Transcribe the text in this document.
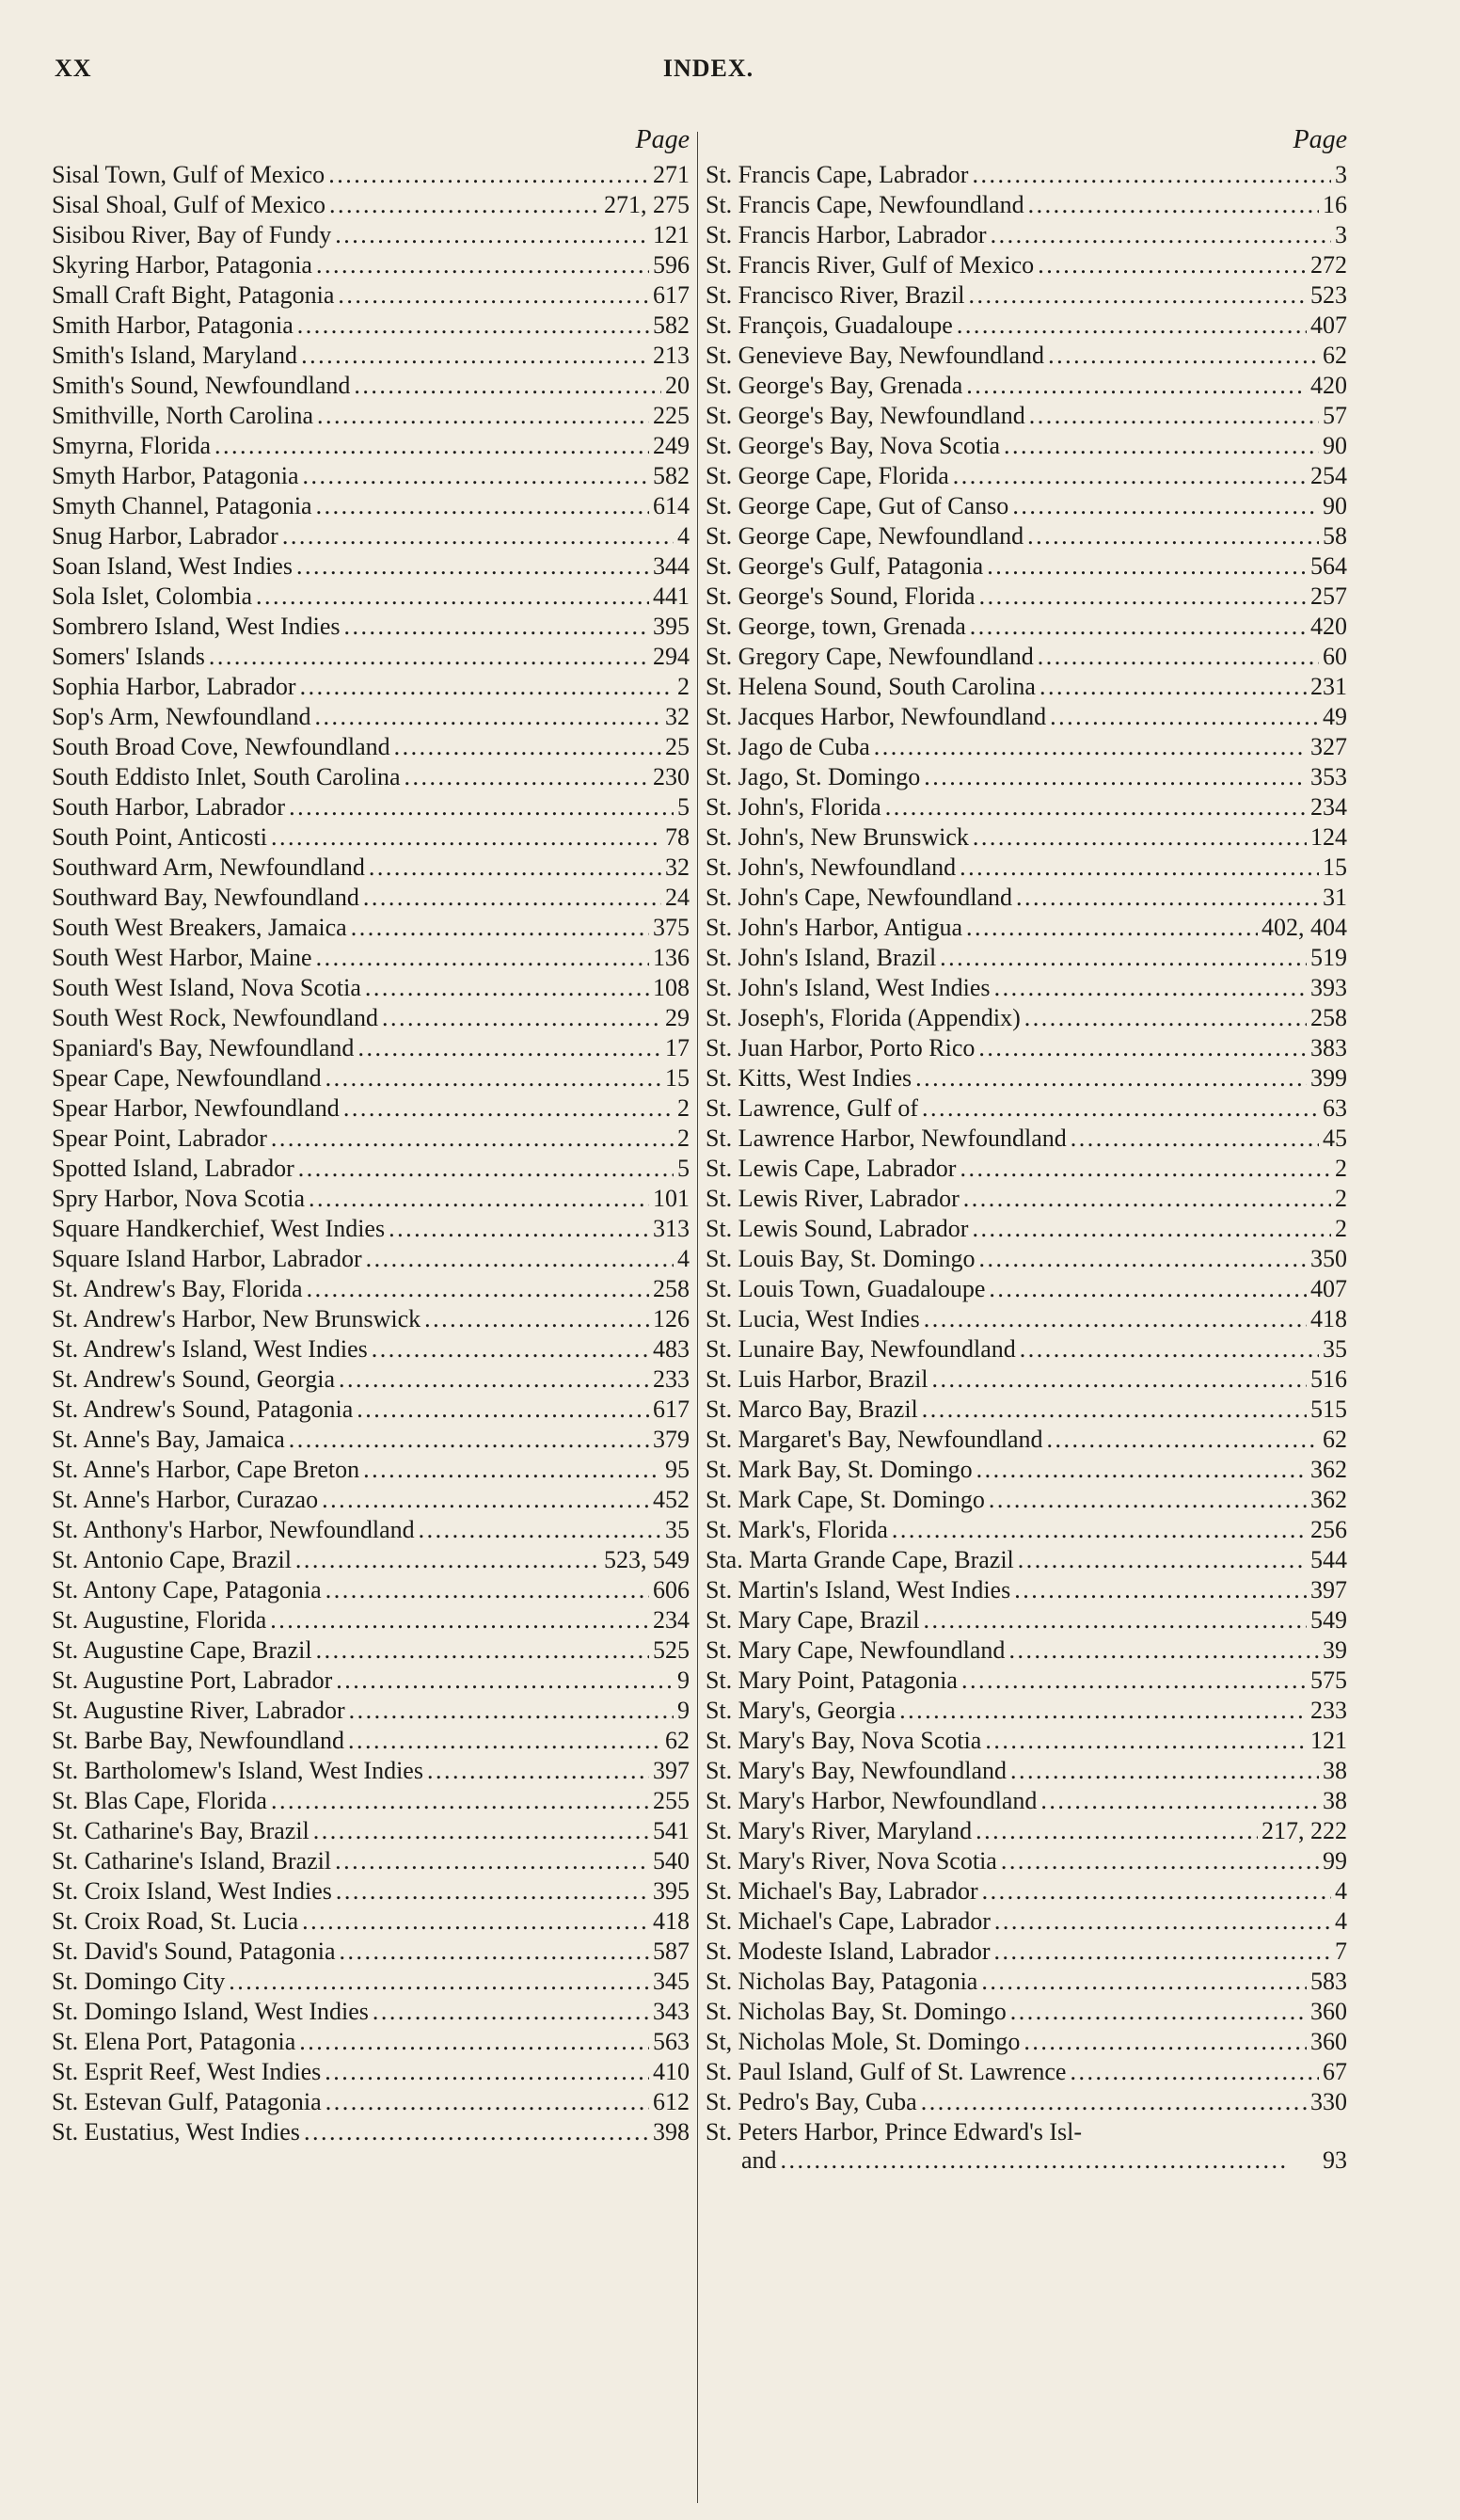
XX	INDEX.
Page
Sisal Town, Gulf of Mexico . . .	271
Sisal Shoal, Gulf of Mexico . . .	271, 275
Sisibou River, Bay of Fundy . . .	121
Skyring Harbor, Patagonia . . .	596
Small Craft Bight, Patagonia . . .	617
Smith Harbor, Patagonia . . .	582
Smith's Island, Maryland . . .	213
Smith's Sound, Newfoundland . . .	20
Smithville, North Carolina . . .	225
Smyrna, Florida . . .	249
Smyth Harbor, Patagonia . . .	582
Smyth Channel, Patagonia . . .	614
Snug Harbor, Labrador . . .	4
Soan Island, West Indies . . .	344
Sola Islet, Colombia . . .	441
Sombrero Island, West Indies . . .	395
Somers' Islands . . .	294
Sophia Harbor, Labrador . . .	2
Sop's Arm, Newfoundland . . .	32
South Broad Cove, Newfoundland . . .	25
South Eddisto Inlet, South Carolina . . .	230
South Harbor, Labrador . . .	5
South Point, Anticosti . . .	78
Southward Arm, Newfoundland . . .	32
Southward Bay, Newfoundland . . .	24
South West Breakers, Jamaica . . .	375
South West Harbor, Maine . . .	136
South West Island, Nova Scotia . . .	108
South West Rock, Newfoundland . . .	29
Spaniard's Bay, Newfoundland . . .	17
Spear Cape, Newfoundland . . .	15
Spear Harbor, Newfoundland . . .	2
Spear Point, Labrador . . .	2
Spotted Island, Labrador . . .	5
Spry Harbor, Nova Scotia . . .	101
Square Handkerchief, West Indies . . .	313
Square Island Harbor, Labrador . . .	4
St. Andrew's Bay, Florida . . .	258
St. Andrew's Harbor, New Brunswick . . .	126
St. Andrew's Island, West Indies . . .	483
St. Andrew's Sound, Georgia . . .	233
St. Andrew's Sound, Patagonia . . .	617
St. Anne's Bay, Jamaica . . .	379
St. Anne's Harbor, Cape Breton . . .	95
St. Anne's Harbor, Curazao . . .	452
St. Anthony's Harbor, Newfoundland . . .	35
St. Antonio Cape, Brazil . . .	523, 549
St. Antony Cape, Patagonia . . .	606
St. Augustine, Florida . . .	234
St. Augustine Cape, Brazil . . .	525
St. Augustine Port, Labrador . . .	9
St. Augustine River, Labrador . . .	9
St. Barbe Bay, Newfoundland . . .	62
St. Bartholomew's Island, West Indies . . .	397
St. Blas Cape, Florida . . .	255
St. Catharine's Bay, Brazil . . .	541
St. Catharine's Island, Brazil . . .	540
St. Croix Island, West Indies . . .	395
St. Croix Road, St. Lucia . . .	418
St. David's Sound, Patagonia . . .	587
St. Domingo City . . .	345
St. Domingo Island, West Indies . . .	343
St. Elena Port, Patagonia . . .	563
St. Esprit Reef, West Indies . . .	410
St. Estevan Gulf, Patagonia . . .	612
St. Eustatius, West Indies . . .	398
Page
St. Francis Cape, Labrador . . .	3
St. Francis Cape, Newfoundland . . .	16
St. Francis Harbor, Labrador . . .	3
St. Francis River, Gulf of Mexico . . .	272
St. Francisco River, Brazil . . .	523
St. François, Guadaloupe . . .	407
St. Genevieve Bay, Newfoundland . . .	62
St. George's Bay, Grenada . . .	420
St. George's Bay, Newfoundland . . .	57
St. George's Bay, Nova Scotia . . .	90
St. George Cape, Florida . . .	254
St. George Cape, Gut of Canso . . .	90
St. George Cape, Newfoundland . . .	58
St. George's Gulf, Patagonia . . .	564
St. George's Sound, Florida . . .	257
St. George, town, Grenada . . .	420
St. Gregory Cape, Newfoundland . . .	60
St. Helena Sound, South Carolina . . .	231
St. Jacques Harbor, Newfoundland . . .	49
St. Jago de Cuba . . .	327
St. Jago, St. Domingo . . .	353
St. John's, Florida . . .	234
St. John's, New Brunswick . . .	124
St. John's, Newfoundland . . .	15
St. John's Cape, Newfoundland . . .	31
St. John's Harbor, Antigua . . .	402, 404
St. John's Island, Brazil . . .	519
St. John's Island, West Indies . . .	393
St. Joseph's, Florida (Appendix) . . .	258
St. Juan Harbor, Porto Rico . . .	383
St. Kitts, West Indies . . .	399
St. Lawrence, Gulf of . . .	63
St. Lawrence Harbor, Newfoundland . . .	45
St. Lewis Cape, Labrador . . .	2
St. Lewis River, Labrador . . .	2
St. Lewis Sound, Labrador . . .	2
St. Louis Bay, St. Domingo . . .	350
St. Louis Town, Guadaloupe . . .	407
St. Lucia, West Indies . . .	418
St. Lunaire Bay, Newfoundland . . .	35
St. Luis Harbor, Brazil . . .	516
St. Marco Bay, Brazil . . .	515
St. Margaret's Bay, Newfoundland . . .	62
St. Mark Bay, St. Domingo . . .	362
St. Mark Cape, St. Domingo . . .	362
St. Mark's, Florida . . .	256
Sta. Marta Grande Cape, Brazil . . .	544
St. Martin's Island, West Indies . . .	397
St. Mary Cape, Brazil . . .	549
St. Mary Cape, Newfoundland . . .	39
St. Mary Point, Patagonia . . .	575
St. Mary's, Georgia . . .	233
St. Mary's Bay, Nova Scotia . . .	121
St. Mary's Bay, Newfoundland . . .	38
St. Mary's Harbor, Newfoundland . . .	38
St. Mary's River, Maryland . . .	217, 222
St. Mary's River, Nova Scotia . . .	99
St. Michael's Bay, Labrador . . .	4
St. Michael's Cape, Labrador . . .	4
St. Modeste Island, Labrador . . .	7
St. Nicholas Bay, Patagonia . . .	583
St. Nicholas Bay, St. Domingo . . .	360
St, Nicholas Mole, St. Domingo . . .	360
St. Paul Island, Gulf of St. Lawrence . . .	67
St. Pedro's Bay, Cuba . . .	330
St. Peters Harbor, Prince Edward's Isl-
and . . .	93
